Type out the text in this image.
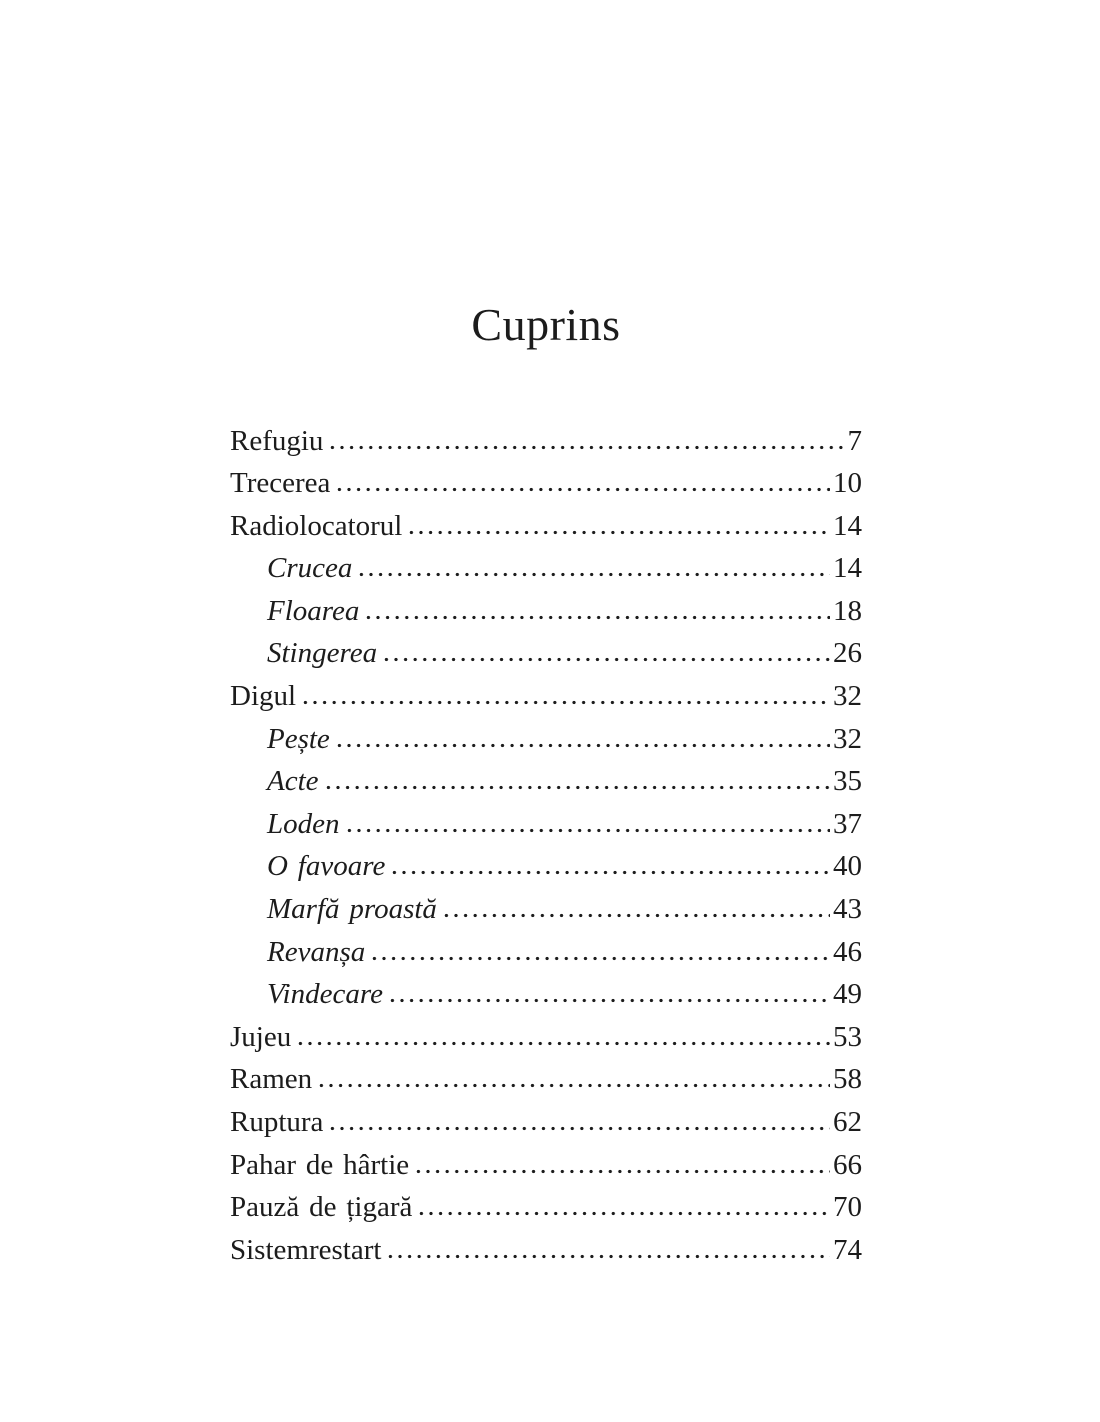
Cuprins
Refugiu	7
Trecerea	10
Radiolocatorul	14
Crucea	14
Floarea	18
Stingerea	26
Digul	32
Pește	32
Acte	35
Loden	37
O favoare	40
Marfă proastă	43
Revanșa	46
Vindecare	49
Jujeu	53
Ramen	58
Ruptura	62
Pahar de hârtie	66
Pauză de țigară	70
Sistemrestart	74
